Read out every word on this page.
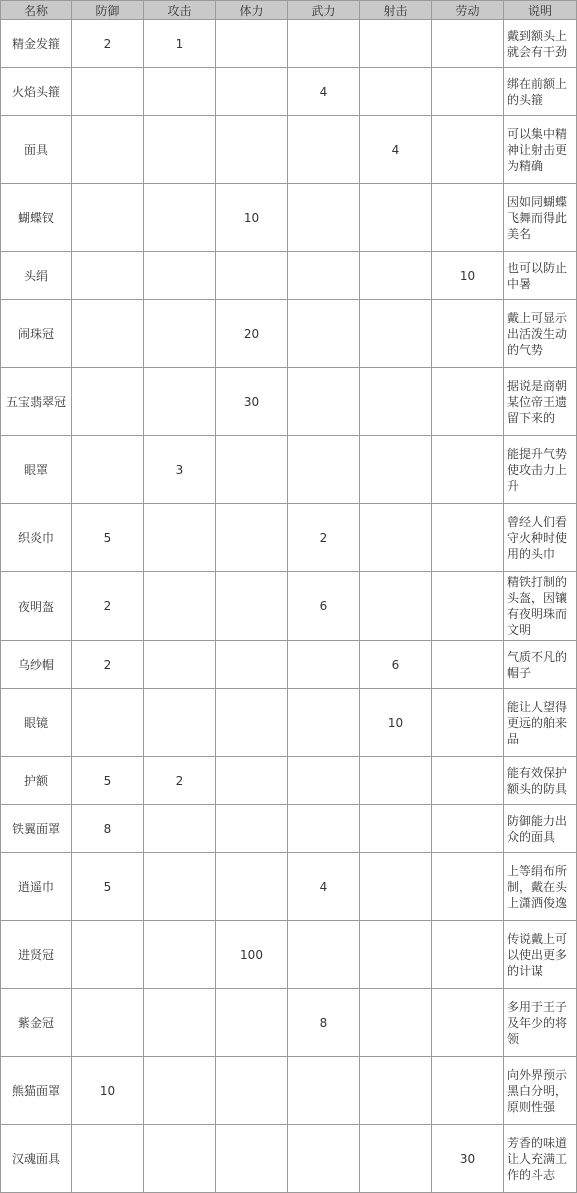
名称	防御	攻击	体力	武力	射击	劳动	说明
精金发箍	2	1					戴到额头上就会有干劲
火焰头箍				4			绑在前额上的头箍
面具					4		可以集中精神让射击更为精确
蝴蝶钗			10				因如同蝴蝶飞舞而得此美名
头绢						10	也可以防止中暑
闹珠冠			20				戴上可显示出活泼生动的气势
五宝翡翠冠			30				据说是商朝某位帝王遗留下来的
眼罩		3					能提升气势使攻击力上升
织炎巾	5			2			曾经人们看守火种时使用的头巾
夜明盔	2			6			精铁打制的头盔，因镶有夜明珠而文明
乌纱帽	2				6		气质不凡的帽子
眼镜					10		能让人望得更远的舶来品
护额	5	2					能有效保护额头的防具
铁翼面罩	8						防御能力出众的面具
逍遥巾	5			4			上等绢布所制，戴在头上潇洒俊逸
进贤冠			100				传说戴上可以使出更多的计谋
紫金冠				8			多用于王子及年少的将领
熊猫面罩	10						向外界预示黑白分明，原则性强
汉魂面具						30	芳香的味道让人充满工作的斗志
